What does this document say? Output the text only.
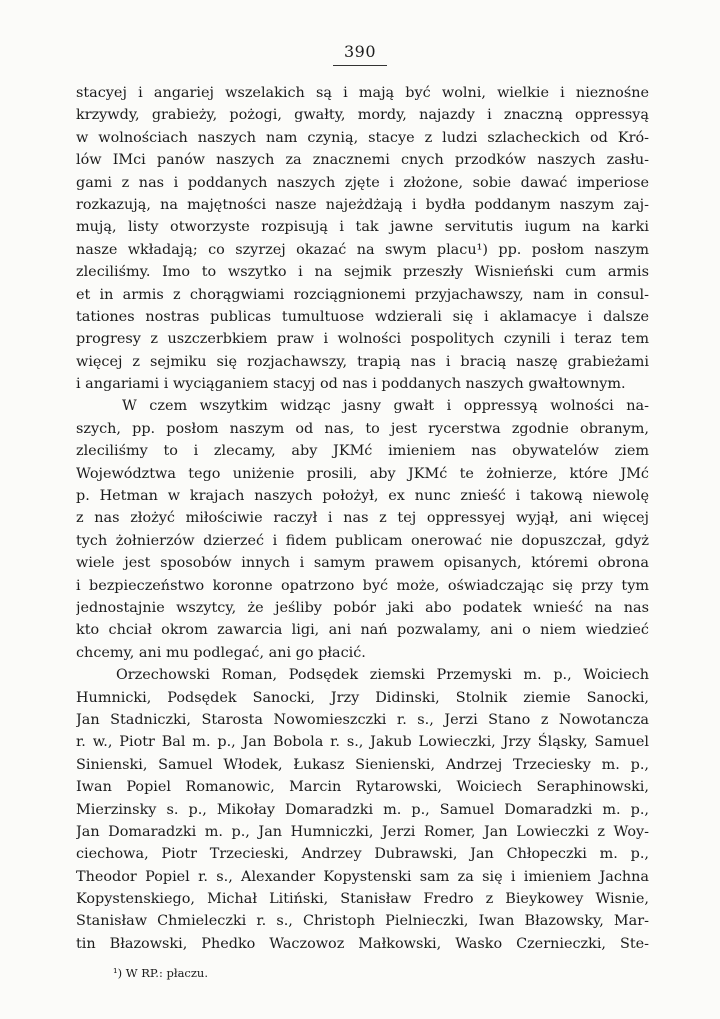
390
stacyej i angariej wszelakich są i mają być wolni, wielkie i nieznośne
krzywdy, grabieży, pożogi, gwałty, mordy, najazdy i znaczną oppressyą
w wolnościach naszych nam czynią, stacye z ludzi szlacheckich od Kró-
lów IMci panów naszych za znacznemi cnych przodków naszych zasłu-
gami z nas i poddanych naszych zjęte i złożone, sobie dawać imperiose
rozkazują, na majętności nasze najeżdżają i bydła poddanym naszym zaj-
mują, listy otworzyste rozpisują i tak jawne servitutis iugum na karki
nasze wkładają; co szyrzej okazać na swym placu¹) pp. posłom naszym
zleciliśmy. Imo to wszytko i na sejmik przeszły Wisnieński cum armis
et in armis z chorągwiami rozciągnionemi przyjachawszy, nam in consul-
tationes nostras publicas tumultuose wdzierali się i aklamacye i dalsze
progresy z uszczerbkiem praw i wolności pospolitych czynili i teraz tem
więcej z sejmiku się rozjachawszy, trapią nas i bracią naszę grabieżami
i angariami i wyciąganiem stacyj od nas i poddanych naszych gwałtownym.
W czem wszytkim widząc jasny gwałt i oppressyą wolności na-
szych, pp. posłom naszym od nas, to jest rycerstwa zgodnie obranym,
zleciliśmy to i zlecamy, aby JKMć imieniem nas obywatelów ziem
Województwa tego uniżenie prosili, aby JKMć te żołnierze, które JMć
p. Hetman w krajach naszych położył, ex nunc znieść i takową niewolę
z nas złożyć miłościwie raczył i nas z tej oppressyej wyjął, ani więcej
tych żołnierzów dzierzeć i fidem publicam onerować nie dopuszczał, gdyż
wiele jest sposobów innych i samym prawem opisanych, któremi obrona
i bezpieczeństwo koronne opatrzono być może, oświadczając się przy tym
jednostajnie wszytcy, że jeśliby pobór jaki abo podatek wnieść na nas
kto chciał okrom zawarcia ligi, ani nań pozwalamy, ani o niem wiedzieć
chcemy, ani mu podlegać, ani go płacić.
Orzechowski Roman, Podsędek ziemski Przemyski m. p., Woiciech
Humnicki, Podsędek Sanocki, Jrzy Didinski, Stolnik ziemie Sanocki,
Jan Stadniczki, Starosta Nowomieszczki r. s., Jerzi Stano z Nowotancza
r. w., Piotr Bal m. p., Jan Bobola r. s., Jakub Lowieczki, Jrzy Śląsky, Samuel
Sinienski, Samuel Włodek, Łukasz Sienienski, Andrzej Trzeciesky m. p.,
Iwan Popiel Romanowic, Marcin Rytarowski, Woiciech Seraphinowski,
Mierzinsky s. p., Mikołay Domaradzki m. p., Samuel Domaradzki m. p.,
Jan Domaradzki m. p., Jan Humniczki, Jerzi Romer, Jan Lowieczki z Woy-
ciechowa, Piotr Trzecieski, Andrzey Dubrawski, Jan Chłopeczki m. p.,
Theodor Popiel r. s., Alexander Kopystenski sam za się i imieniem Jachna
Kopystenskiego, Michał Litiński, Stanisław Fredro z Bieykowey Wisnie,
Stanisław Chmieleczki r. s., Christoph Pielnieczki, Iwan Błazowsky, Mar-
tin Błazowski, Phedko Waczowoz Małkowski, Wasko Czernieczki, Ste-
¹) W RP.: płaczu.
